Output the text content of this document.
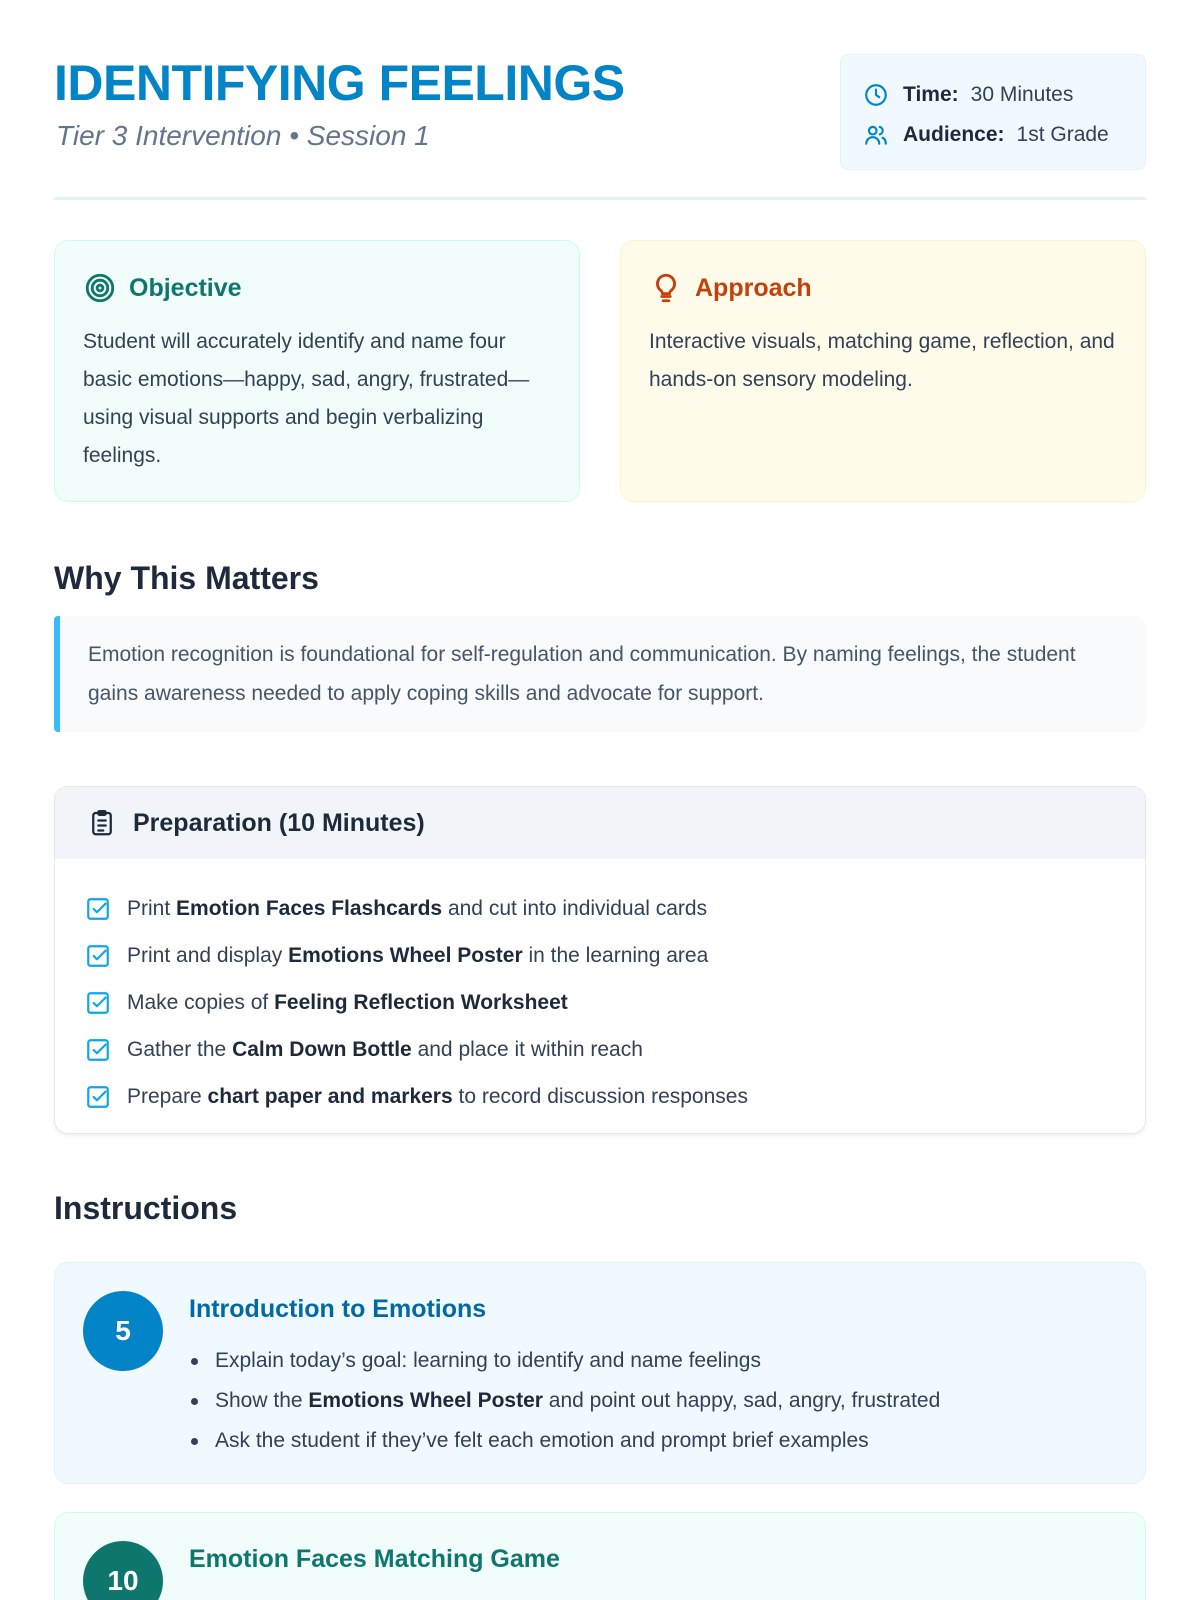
IDENTIFYING FEELINGS
Tier 3 Intervention • Session 1
Time: 30 Minutes
Audience: 1st Grade
Objective

Student will accurately identify and name four basic emotions—happy, sad, angry, frustrated—using visual supports and begin verbalizing feelings.

Approach

Interactive visuals, matching game, reflection, and hands-on sensory modeling.

Why This Matters
Emotion recognition is foundational for self-regulation and communication. By naming feelings, the student gains awareness needed to apply coping skills and advocate for support.
Preparation (10 Minutes)
Print Emotion Faces Flashcards and cut into individual cards
Print and display Emotions Wheel Poster in the learning area
Make copies of Feeling Reflection Worksheet
Gather the Calm Down Bottle and place it within reach
Prepare chart paper and markers to record discussion responses
Instructions
5
Introduction to Emotions
Explain today’s goal: learning to identify and name feelings
Show the Emotions Wheel Poster and point out happy, sad, angry, frustrated
Ask the student if they’ve felt each emotion and prompt brief examples
10
Emotion Faces Matching Game
